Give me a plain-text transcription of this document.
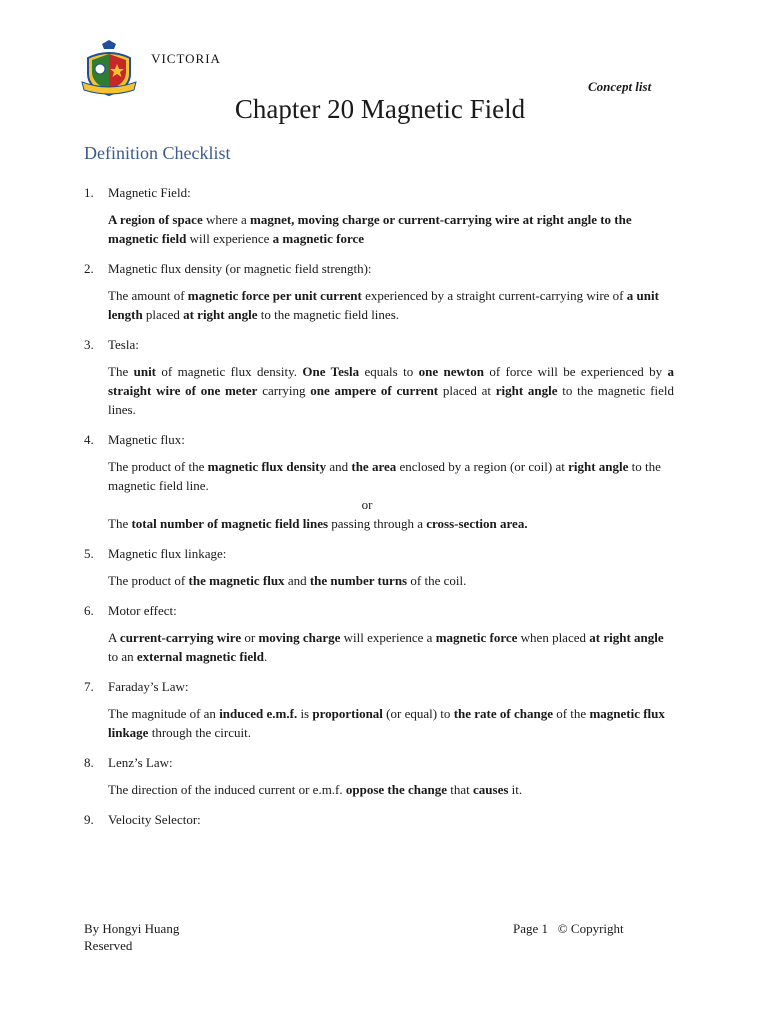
VICTORIA
Concept list
Chapter 20 Magnetic Field
Definition Checklist
1.	Magnetic Field:
A region of space where a magnet, moving charge or current-carrying wire at right angle to the magnetic field will experience a magnetic force
2.	Magnetic flux density (or magnetic field strength):
The amount of magnetic force per unit current experienced by a straight current-carrying wire of a unit length placed at right angle to the magnetic field lines.
3.	Tesla:
The unit of magnetic flux density. One Tesla equals to one newton of force will be experienced by a straight wire of one meter carrying one ampere of current placed at right angle to the magnetic field lines.
4.	Magnetic flux:
The product of the magnetic flux density and the area enclosed by a region (or coil) at right angle to the magnetic field line.
or
The total number of magnetic field lines passing through a cross-section area.
5.	Magnetic flux linkage:
The product of the magnetic flux and the number turns of the coil.
6.	Motor effect:
A current-carrying wire or moving charge will experience a magnetic force when placed at right angle to an external magnetic field.
7.	Faraday’s Law:
The magnitude of an induced e.m.f. is proportional (or equal) to the rate of change of the magnetic flux linkage through the circuit.
8.	Lenz’s Law:
The direction of the induced current or e.m.f. oppose the change that causes it.
9.	Velocity Selector:
By Hongyi Huang	Page 1 © Copyright
Reserved
